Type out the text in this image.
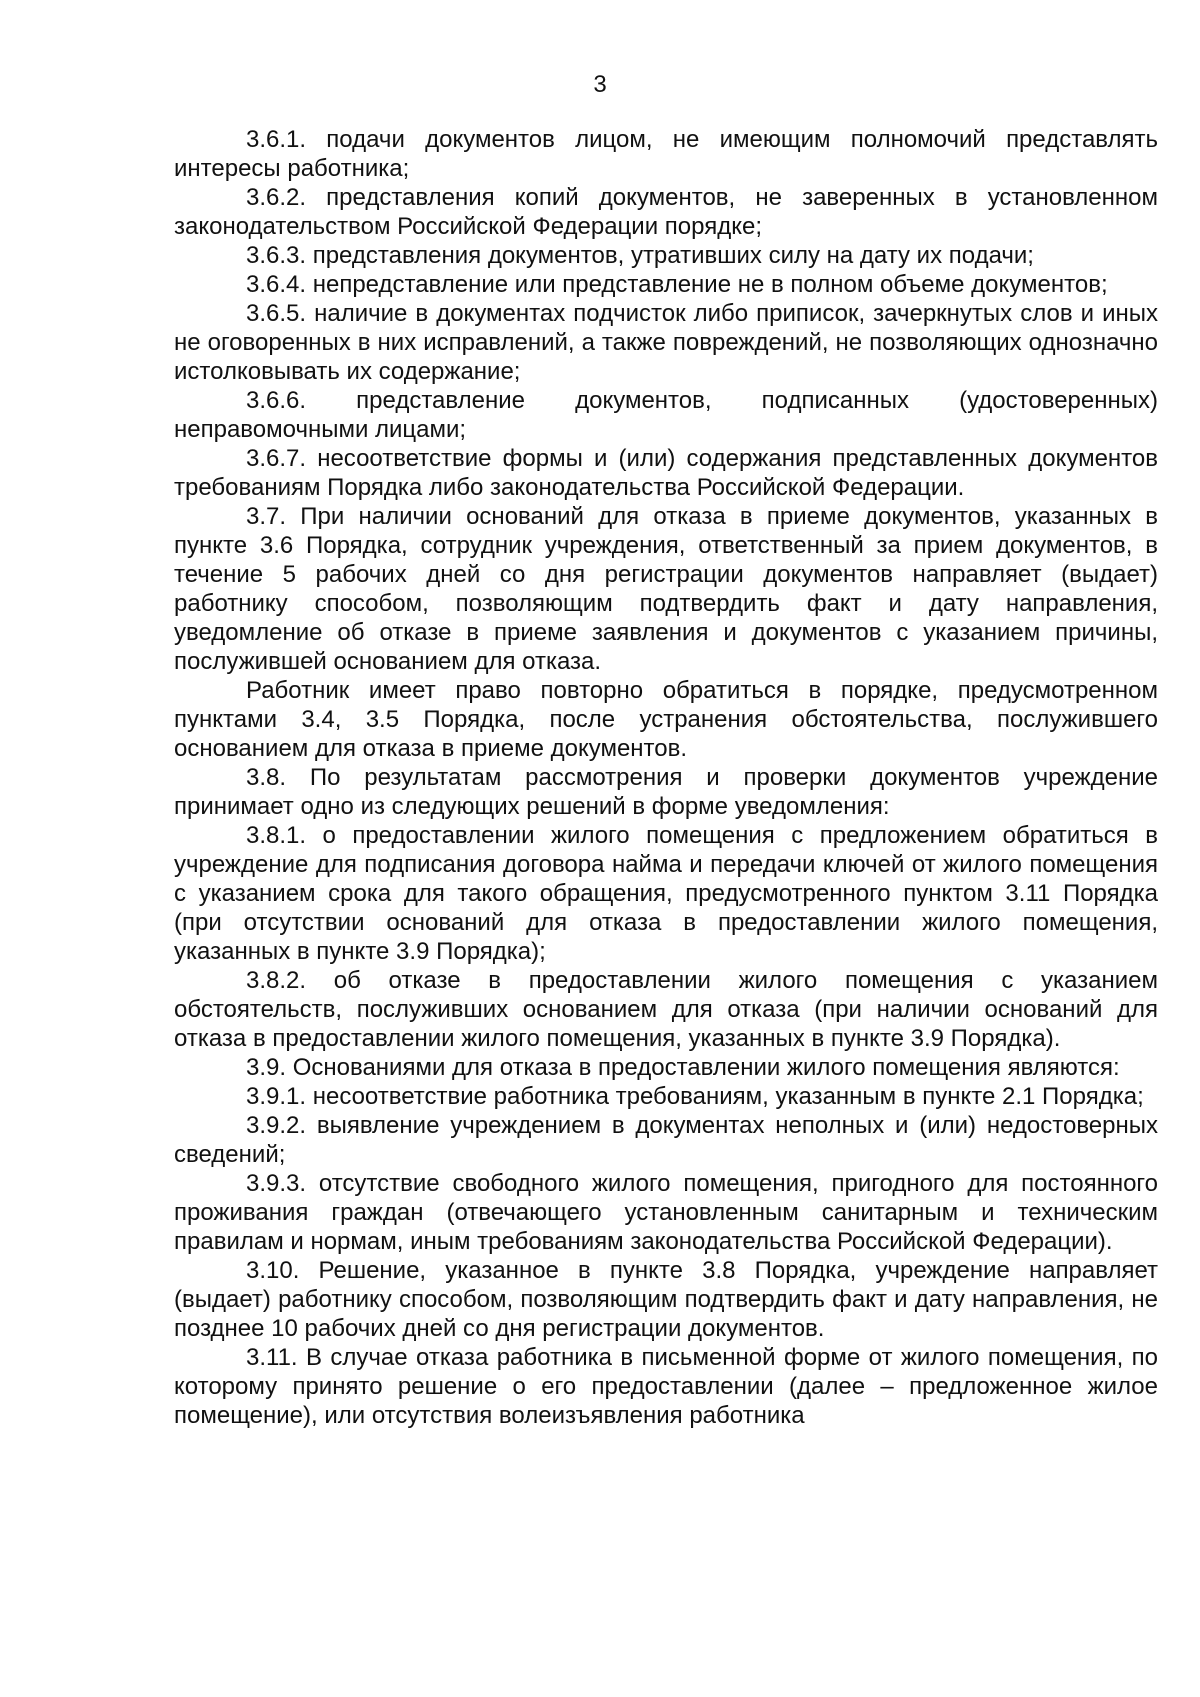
3

3.6.1. подачи документов лицом, не имеющим полномочий представлять интересы работника;

3.6.2. представления копий документов, не заверенных в установленном законодательством Российской Федерации порядке;

3.6.3. представления документов, утративших силу на дату их подачи;

3.6.4. непредставление или представление не в полном объеме документов;

3.6.5. наличие в документах подчисток либо приписок, зачеркнутых слов и иных не оговоренных в них исправлений, а также повреждений, не позволяющих однозначно истолковывать их содержание;

3.6.6. представление документов, подписанных (удостоверенных) неправомочными лицами;

3.6.7. несоответствие формы и (или) содержания представленных документов требованиям Порядка либо законодательства Российской Федерации.

3.7. При наличии оснований для отказа в приеме документов, указанных в пункте 3.6 Порядка, сотрудник учреждения, ответственный за прием документов, в течение 5 рабочих дней со дня регистрации документов направляет (выдает) работнику способом, позволяющим подтвердить факт и дату направления, уведомление об отказе в приеме заявления и документов с указанием причины, послужившей основанием для отказа.

Работник имеет право повторно обратиться в порядке, предусмотренном пунктами 3.4, 3.5 Порядка, после устранения обстоятельства, послужившего основанием для отказа в приеме документов.

3.8. По результатам рассмотрения и проверки документов учреждение принимает одно из следующих решений в форме уведомления:

3.8.1. о предоставлении жилого помещения с предложением обратиться в учреждение для подписания договора найма и передачи ключей от жилого помещения с указанием срока для такого обращения, предусмотренного пунктом 3.11 Порядка (при отсутствии оснований для отказа в предоставлении жилого помещения, указанных в пункте 3.9 Порядка);

3.8.2. об отказе в предоставлении жилого помещения с указанием обстоятельств, послуживших основанием для отказа (при наличии оснований для отказа в предоставлении жилого помещения, указанных в пункте 3.9 Порядка).

3.9. Основаниями для отказа в предоставлении жилого помещения являются:

3.9.1. несоответствие работника требованиям, указанным в пункте 2.1 Порядка;

3.9.2. выявление учреждением в документах неполных и (или) недостоверных сведений;

3.9.3. отсутствие свободного жилого помещения, пригодного для постоянного проживания граждан (отвечающего установленным санитарным и техническим правилам и нормам, иным требованиям законодательства Российской Федерации).

3.10. Решение, указанное в пункте 3.8 Порядка, учреждение направляет (выдает) работнику способом, позволяющим подтвердить факт и дату направления, не позднее 10 рабочих дней со дня регистрации документов.

3.11. В случае отказа работника в письменной форме от жилого помещения, по которому принято решение о его предоставлении (далее – предложенное жилое помещение), или отсутствия волеизъявления работника
